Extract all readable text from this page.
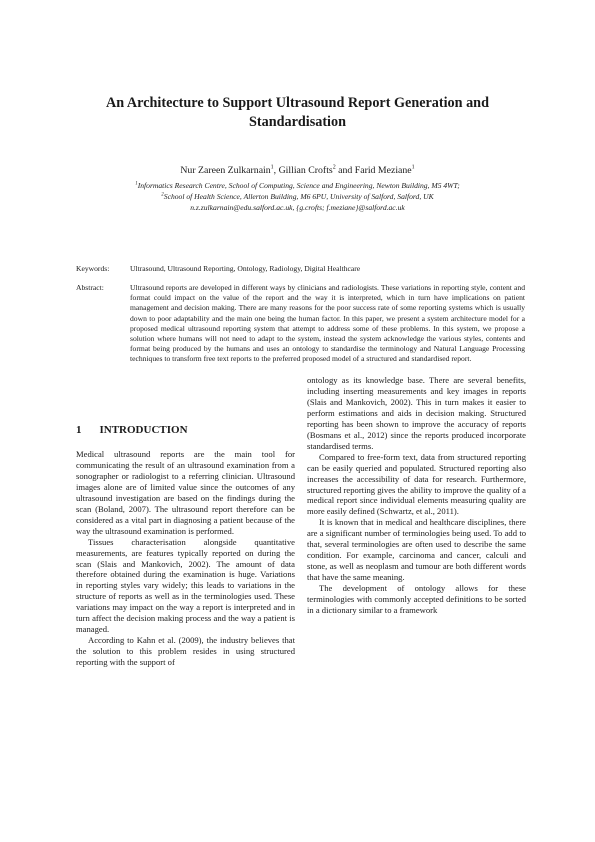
An Architecture to Support Ultrasound Report Generation and Standardisation
Nur Zareen Zulkarnain$^1$, Gillian Crofts$^2$ and Farid Meziane$^1$
$^1$Informatics Research Centre, School of Computing, Science and Engineering, Newton Building, M5 4WT;
$^2$School of Health Science, Allerton Building, M6 6PU, University of Salford, Salford, UK
n.z.zulkarnain@edu.salford.ac.uk, {g.crofts; f.meziane}@salford.ac.uk
Keywords:	Ultrasound, Ultrasound Reporting, Ontology, Radiology, Digital Healthcare
Abstract:	Ultrasound reports are developed in different ways by clinicians and radiologists. These variations in reporting style, content and format could impact on the value of the report and the way it is interpreted, which in turn have implications on patient management and decision making. There are many reasons for the poor success rate of some reporting systems which is usually down to poor adaptability and the main one being the human factor. In this paper, we present a system architecture model for a proposed medical ultrasound reporting system that attempt to address some of these problems. In this system, we propose a solution where humans will not need to adapt to the system, instead the system acknowledge the various styles, contents and format being produced by the humans and uses an ontology to standardise the terminology and Natural Language Processing techniques to transform free text reports to the preferred proposed model of a structured and standardised report.
1 INTRODUCTION

Medical ultrasound reports are the main tool for communicating the result of an ultrasound examination from a sonographer or radiologist to a referring clinician. Ultrasound images alone are of limited value since the outcomes of any ultrasound investigation are based on the findings during the scan (Boland, 2007). The ultrasound report therefore can be considered as a vital part in diagnosing a patient because of the way the ultrasound examination is performed.

Tissues characterisation alongside quantitative measurements, are features typically reported on during the scan (Slais and Mankovich, 2002). The amount of data therefore obtained during the examination is huge. Variations in reporting styles vary widely; this leads to variations in the structure of reports as well as in the terminologies used. These variations may impact on the way a report is interpreted and in turn affect the decision making process and the way a patient is managed.

According to Kahn et al. (2009), the industry believes that the solution to this problem resides in using structured reporting with the support of

ontology as its knowledge base. There are several benefits, including inserting measurements and key images in reports (Slais and Mankovich, 2002). This in turn makes it easier to perform estimations and aids in decision making. Structured reporting has been shown to improve the accuracy of reports (Bosmans et al., 2012) since the reports produced incorporate standardised terms.

Compared to free-form text, data from structured reporting can be easily queried and populated. Structured reporting also increases the accessibility of data for research. Furthermore, structured reporting gives the ability to improve the quality of a medical report since individual elements measuring quality are more easily defined (Schwartz, et al., 2011).

It is known that in medical and healthcare disciplines, there are a significant number of terminologies being used. To add to that, several terminologies are often used to describe the same condition. For example, carcinoma and cancer, calculi and stone, as well as neoplasm and tumour are both different words that have the same meaning.

The development of ontology allows for these terminologies with commonly accepted definitions to be sorted in a dictionary similar to a framework
